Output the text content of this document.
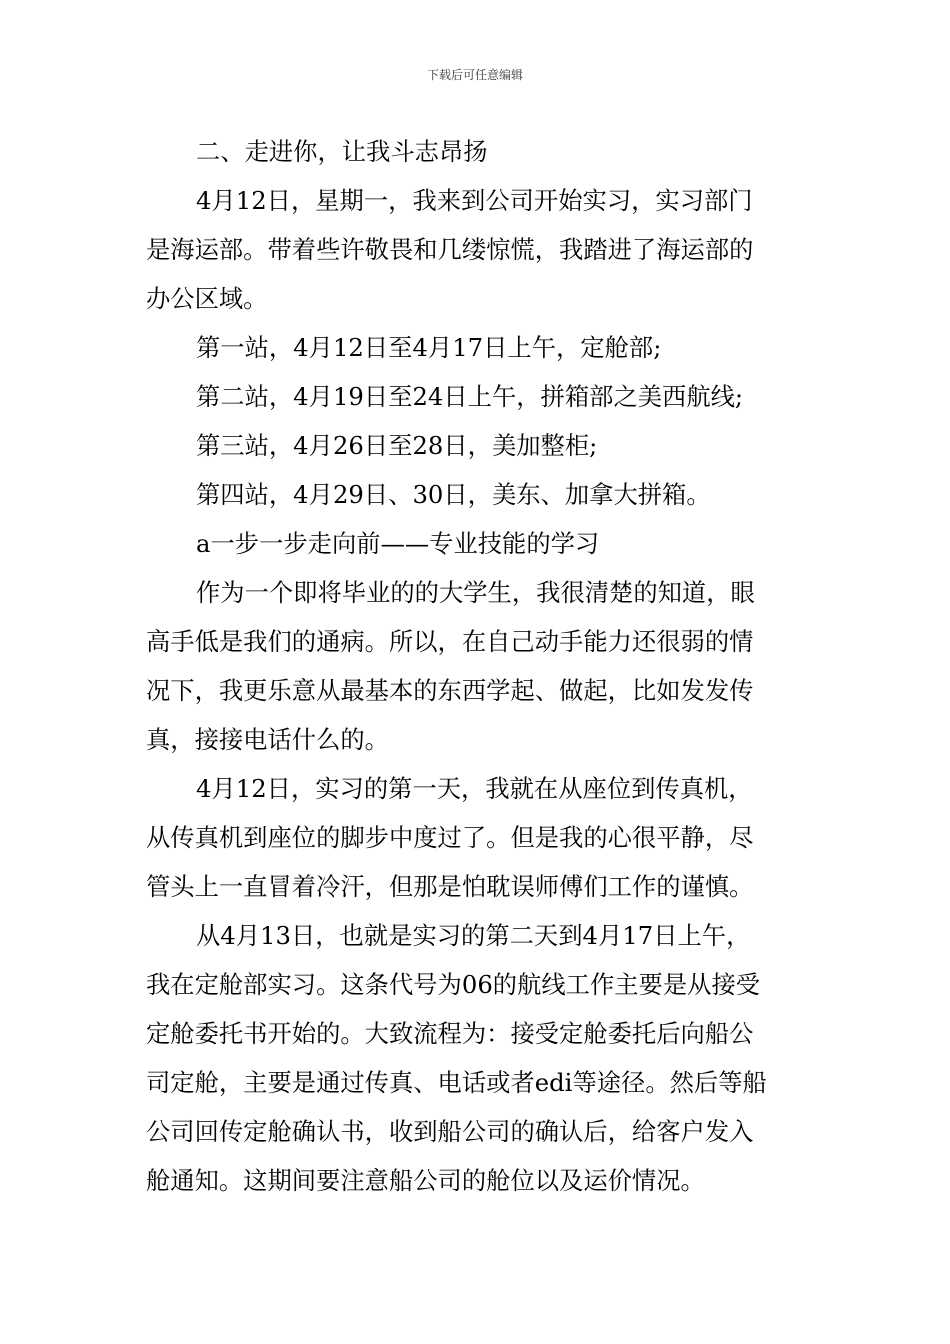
下载后可任意编辑
二、走进你，让我斗志昂扬
4月12日，星期一，我来到公司开始实习，实习部门
是海运部。带着些许敬畏和几缕惊慌，我踏进了海运部的
办公区域。
第一站，4月12日至4月17日上午，定舱部;
第二站，4月19日至24日上午，拼箱部之美西航线;
第三站，4月26日至28日，美加整柜;
第四站，4月29日、30日，美东、加拿大拼箱。
a一步一步走向前——专业技能的学习
作为一个即将毕业的的大学生，我很清楚的知道，眼
高手低是我们的通病。所以，在自己动手能力还很弱的情
况下，我更乐意从最基本的东西学起、做起，比如发发传
真，接接电话什么的。
4月12日，实习的第一天，我就在从座位到传真机，
从传真机到座位的脚步中度过了。但是我的心很平静，尽
管头上一直冒着冷汗，但那是怕耽误师傅们工作的谨慎。
从4月13日，也就是实习的第二天到4月17日上午，
我在定舱部实习。这条代号为06的航线工作主要是从接受
定舱委托书开始的。大致流程为：接受定舱委托后向船公
司定舱，主要是通过传真、电话或者edi等途径。然后等船
公司回传定舱确认书，收到船公司的确认后，给客户发入
舱通知。这期间要注意船公司的舱位以及运价情况。
